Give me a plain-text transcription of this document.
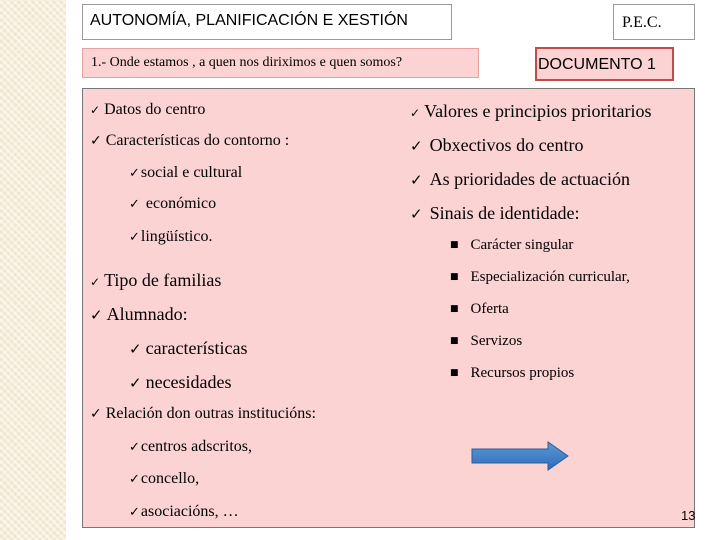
AUTONOMÍA, PLANIFICACIÓN E XESTIÓN	P.E.C.
1.- Onde estamos , a quen nos diriximos e quen somos?	DOCUMENTO 1
✓ Datos do centro
✓ Características do contorno :
✓social e cultural
✓ económico
✓lingüístico.
✓ Tipo de familias
✓ Alumnado:
✓ características
✓ necesidades
✓ Relación don outras institucións:
✓centros adscritos,
✓concello,
✓asociacións, …
✓ Valores e principios prioritarios
✓ Obxectivos do centro
✓ As prioridades de actuación
✓ Sinais de identidade:
■ Carácter singular
■ Especialización curricular,
■ Oferta
■ Servizos
■ Recursos propios
13
